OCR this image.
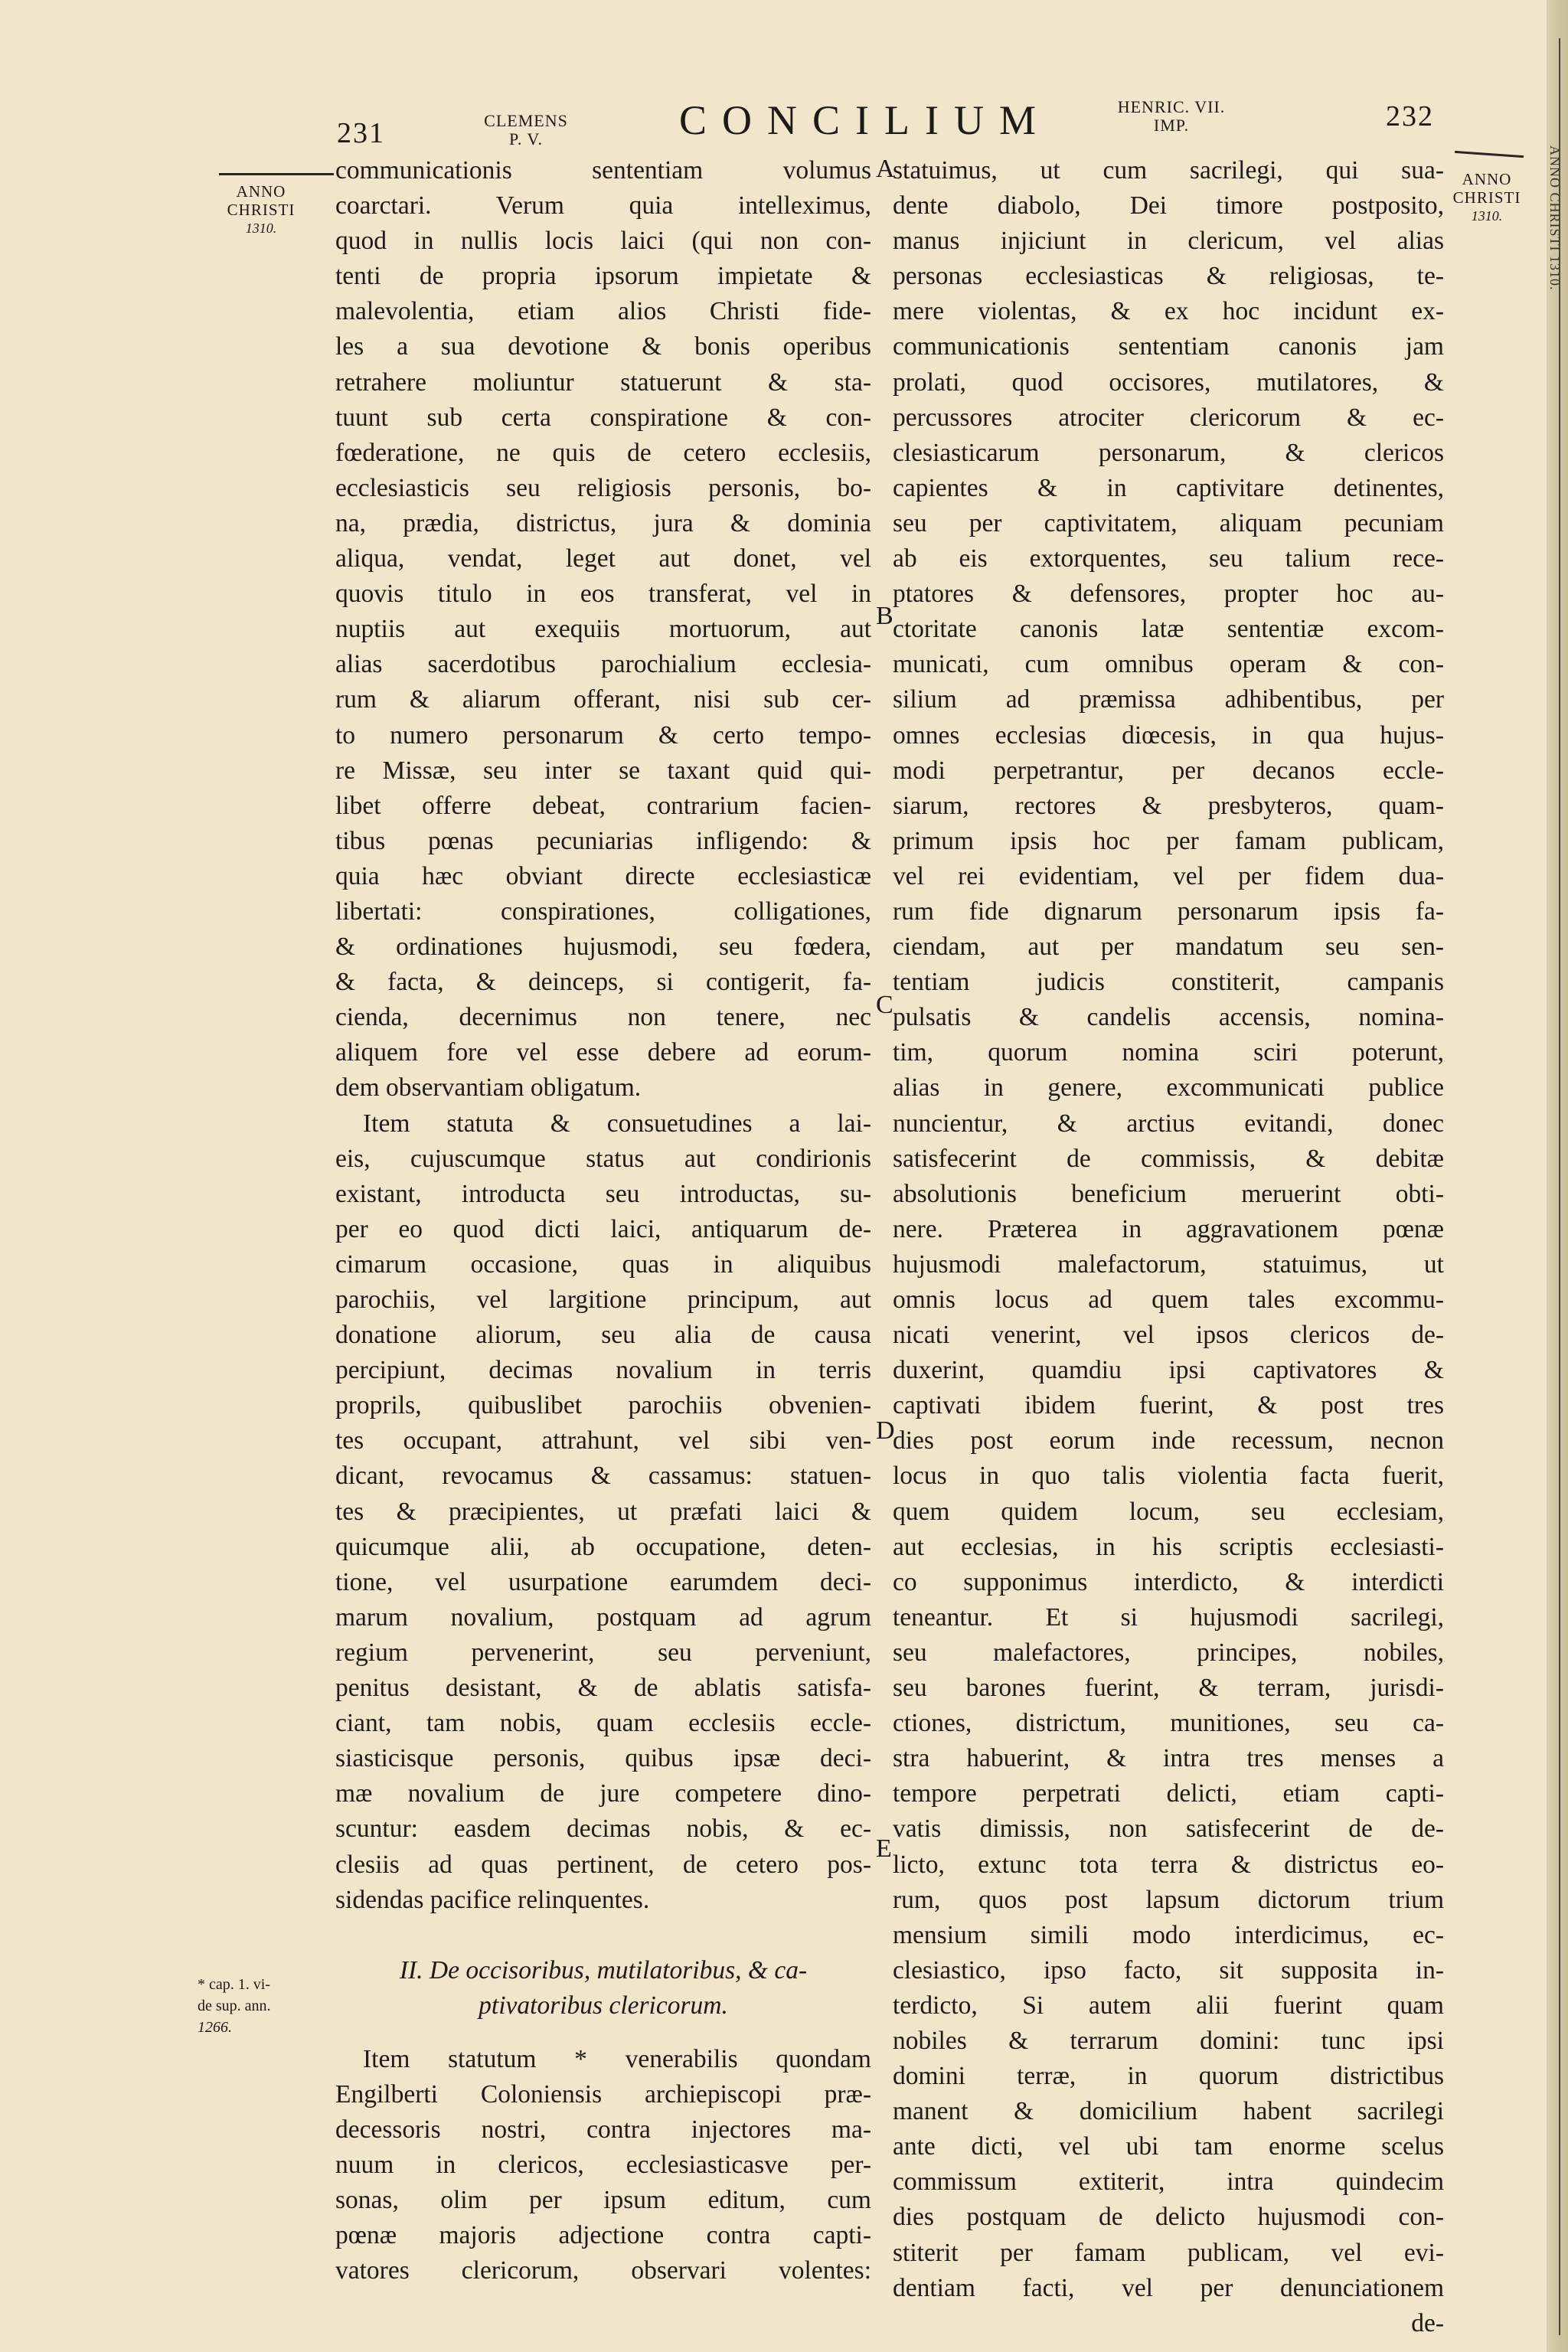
231	CLEMENS
P. V.	CONCILIUM	HENRIC. VII.
IMP.	232
ANNO
CHRISTI
1310.
ANNO
CHRISTI
1310.
* cap. 1. vi-
de sup. ann.
1266.
A
B
C
D
E
communicationis sententiam volumus
coarctari. Verum quia intelleximus,
quod in nullis locis laici (qui non con-
tenti de propria ipsorum impietate &
malevolentia, etiam alios Christi fide-
les a sua devotione & bonis operibus
retrahere moliuntur statuerunt & sta-
tuunt sub certa conspiratione & con-
fœderatione, ne quis de cetero ecclesiis,
ecclesiasticis seu religiosis personis, bo-
na, prædia, districtus, jura & dominia
aliqua, vendat, leget aut donet, vel
quovis titulo in eos transferat, vel in
nuptiis aut exequiis mortuorum, aut
alias sacerdotibus parochialium ecclesia-
rum & aliarum offerant, nisi sub cer-
to numero personarum & certo tempo-
re Missæ, seu inter se taxant quid qui-
libet offerre debeat, contrarium facien-
tibus pœnas pecuniarias infligendo: &
quia hæc obviant directe ecclesiasticæ
libertati: conspirationes, colligationes,
& ordinationes hujusmodi, seu fœdera,
& facta, & deinceps, si contigerit, fa-
cienda, decernimus non tenere, nec
aliquem fore vel esse debere ad eorum-
dem observantiam obligatum.
Item statuta & consuetudines a lai-
eis, cujuscumque status aut condirionis
existant, introducta seu introductas, su-
per eo quod dicti laici, antiquarum de-
cimarum occasione, quas in aliquibus
parochiis, vel largitione principum, aut
donatione aliorum, seu alia de causa
percipiunt, decimas novalium in terris
proprils, quibuslibet parochiis obvenien-
tes occupant, attrahunt, vel sibi ven-
dicant, revocamus & cassamus: statuen-
tes & præcipientes, ut præfati laici &
quicumque alii, ab occupatione, deten-
tione, vel usurpatione earumdem deci-
marum novalium, postquam ad agrum
regium pervenerint, seu perveniunt,
penitus desistant, & de ablatis satisfa-
ciant, tam nobis, quam ecclesiis eccle-
siasticisque personis, quibus ipsæ deci-
mæ novalium de jure competere dino-
scuntur: easdem decimas nobis, & ec-
clesiis ad quas pertinent, de cetero pos-
sidendas pacifice relinquentes.
II. De occisoribus, mutilatoribus, & ca-
ptivatoribus clericorum.
Item statutum * venerabilis quondam
Engilberti Coloniensis archiepiscopi præ-
decessoris nostri, contra injectores ma-
nuum in clericos, ecclesiasticasve per-
sonas, olim per ipsum editum, cum
pœnæ majoris adjectione contra capti-
vatores clericorum, observari volentes:
statuimus, ut cum sacrilegi, qui sua-
dente diabolo, Dei timore postposito,
manus injiciunt in clericum, vel alias
personas ecclesiasticas & religiosas, te-
mere violentas, & ex hoc incidunt ex-
communicationis sententiam canonis jam
prolati, quod occisores, mutilatores, &
percussores atrociter clericorum & ec-
clesiasticarum personarum, & clericos
capientes & in captivitare detinentes,
seu per captivitatem, aliquam pecuniam
ab eis extorquentes, seu talium rece-
ptatores & defensores, propter hoc au-
ctoritate canonis latæ sententiæ excom-
municati, cum omnibus operam & con-
silium ad præmissa adhibentibus, per
omnes ecclesias diœcesis, in qua hujus-
modi perpetrantur, per decanos eccle-
siarum, rectores & presbyteros, quam-
primum ipsis hoc per famam publicam,
vel rei evidentiam, vel per fidem dua-
rum fide dignarum personarum ipsis fa-
ciendam, aut per mandatum seu sen-
tentiam judicis constiterit, campanis
pulsatis & candelis accensis, nomina-
tim, quorum nomina sciri poterunt,
alias in genere, excommunicati publice
nuncientur, & arctius evitandi, donec
satisfecerint de commissis, & debitæ
absolutionis beneficium meruerint obti-
nere. Præterea in aggravationem pœnæ
hujusmodi malefactorum, statuimus, ut
omnis locus ad quem tales excommu-
nicati venerint, vel ipsos clericos de-
duxerint, quamdiu ipsi captivatores &
captivati ibidem fuerint, & post tres
dies post eorum inde recessum, necnon
locus in quo talis violentia facta fuerit,
quem quidem locum, seu ecclesiam,
aut ecclesias, in his scriptis ecclesiasti-
co supponimus interdicto, & interdicti
teneantur. Et si hujusmodi sacrilegi,
seu malefactores, principes, nobiles,
seu barones fuerint, & terram, jurisdi-
ctiones, districtum, munitiones, seu ca-
stra habuerint, & intra tres menses a
tempore perpetrati delicti, etiam capti-
vatis dimissis, non satisfecerint de de-
licto, extunc tota terra & districtus eo-
rum, quos post lapsum dictorum trium
mensium simili modo interdicimus, ec-
clesiastico, ipso facto, sit supposita in-
terdicto, Si autem alii fuerint quam
nobiles & terrarum domini: tunc ipsi
domini terræ, in quorum districtibus
manent & domicilium habent sacrilegi
ante dicti, vel ubi tam enorme scelus
commissum extiterit, intra quindecim
dies postquam de delicto hujusmodi con-
stiterit per famam publicam, vel evi-
dentiam facti, vel per denunciationem
de-
ANNO CHRISTI 1310.
